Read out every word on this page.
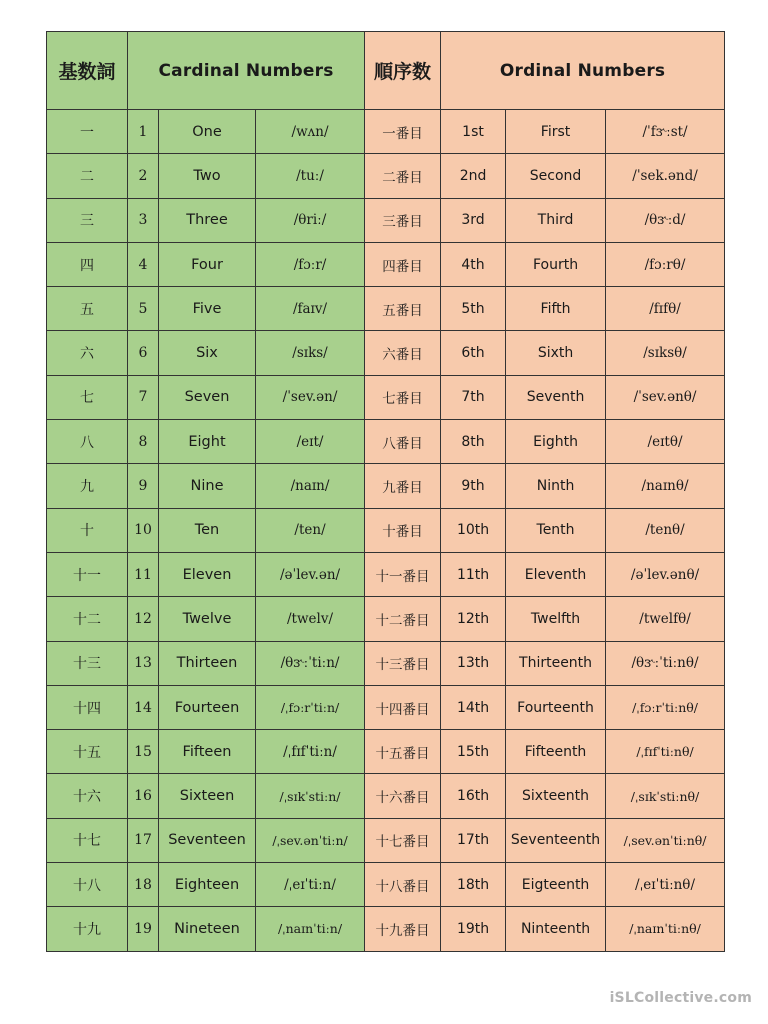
基数詞	Cardinal Numbers			順序数	Ordinal Numbers		
一	1	One	/wʌn/	一番目	1st	First	/ˈfɝːst/
二	2	Two	/tuː/	二番目	2nd	Second	/ˈsek.ənd/
三	3	Three	/θriː/	三番目	3rd	Third	/θɝːd/
四	4	Four	/fɔːr/	四番目	4th	Fourth	/fɔːrθ/
五	5	Five	/faɪv/	五番目	5th	Fifth	/fɪfθ/
六	6	Six	/sɪks/	六番目	6th	Sixth	/sɪksθ/
七	7	Seven	/ˈsev.ən/	七番目	7th	Seventh	/ˈsev.ənθ/
八	8	Eight	/eɪt/	八番目	8th	Eighth	/eɪtθ/
九	9	Nine	/naɪn/	九番目	9th	Ninth	/naɪnθ/
十	10	Ten	/ten/	十番目	10th	Tenth	/tenθ/
十一	11	Eleven	/əˈlev.ən/	十一番目	11th	Eleventh	/əˈlev.ənθ/
十二	12	Twelve	/twelv/	十二番目	12th	Twelfth	/twelfθ/
十三	13	Thirteen	/θɝːˈtiːn/	十三番目	13th	Thirteenth	/θɝːˈtiːnθ/
十四	14	Fourteen	/ˌfɔːrˈtiːn/	十四番目	14th	Fourteenth	/ˌfɔːrˈtiːnθ/
十五	15	Fifteen	/ˌfɪfˈtiːn/	十五番目	15th	Fifteenth	/ˌfɪfˈtiːnθ/
十六	16	Sixteen	/ˌsɪkˈstiːn/	十六番目	16th	Sixteenth	/ˌsɪkˈstiːnθ/
十七	17	Seventeen	/ˌsev.ənˈtiːn/	十七番目	17th	Seventeenth	/ˌsev.ənˈtiːnθ/
十八	18	Eighteen	/ˌeɪˈtiːn/	十八番目	18th	Eigteenth	/ˌeɪˈtiːnθ/
十九	19	Nineteen	/ˌnaɪnˈtiːn/	十九番目	19th	Ninteenth	/ˌnaɪnˈtiːnθ/
iSLCollective.com
